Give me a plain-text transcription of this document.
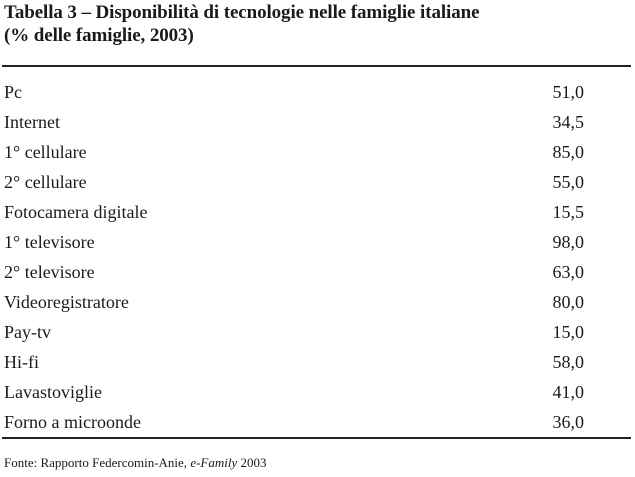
Tabella 3 – Disponibilità di tecnologie nelle famiglie italiane
(% delle famiglie, 2003)
Pc	51,0
Internet	34,5
1° cellulare	85,0
2° cellulare	55,0
Fotocamera digitale	15,5
1° televisore	98,0
2° televisore	63,0
Videoregistratore	80,0
Pay-tv	15,0
Hi-fi	58,0
Lavastoviglie	41,0
Forno a microonde	36,0
Fonte: Rapporto Federcomin-Anie, e-Family 2003
